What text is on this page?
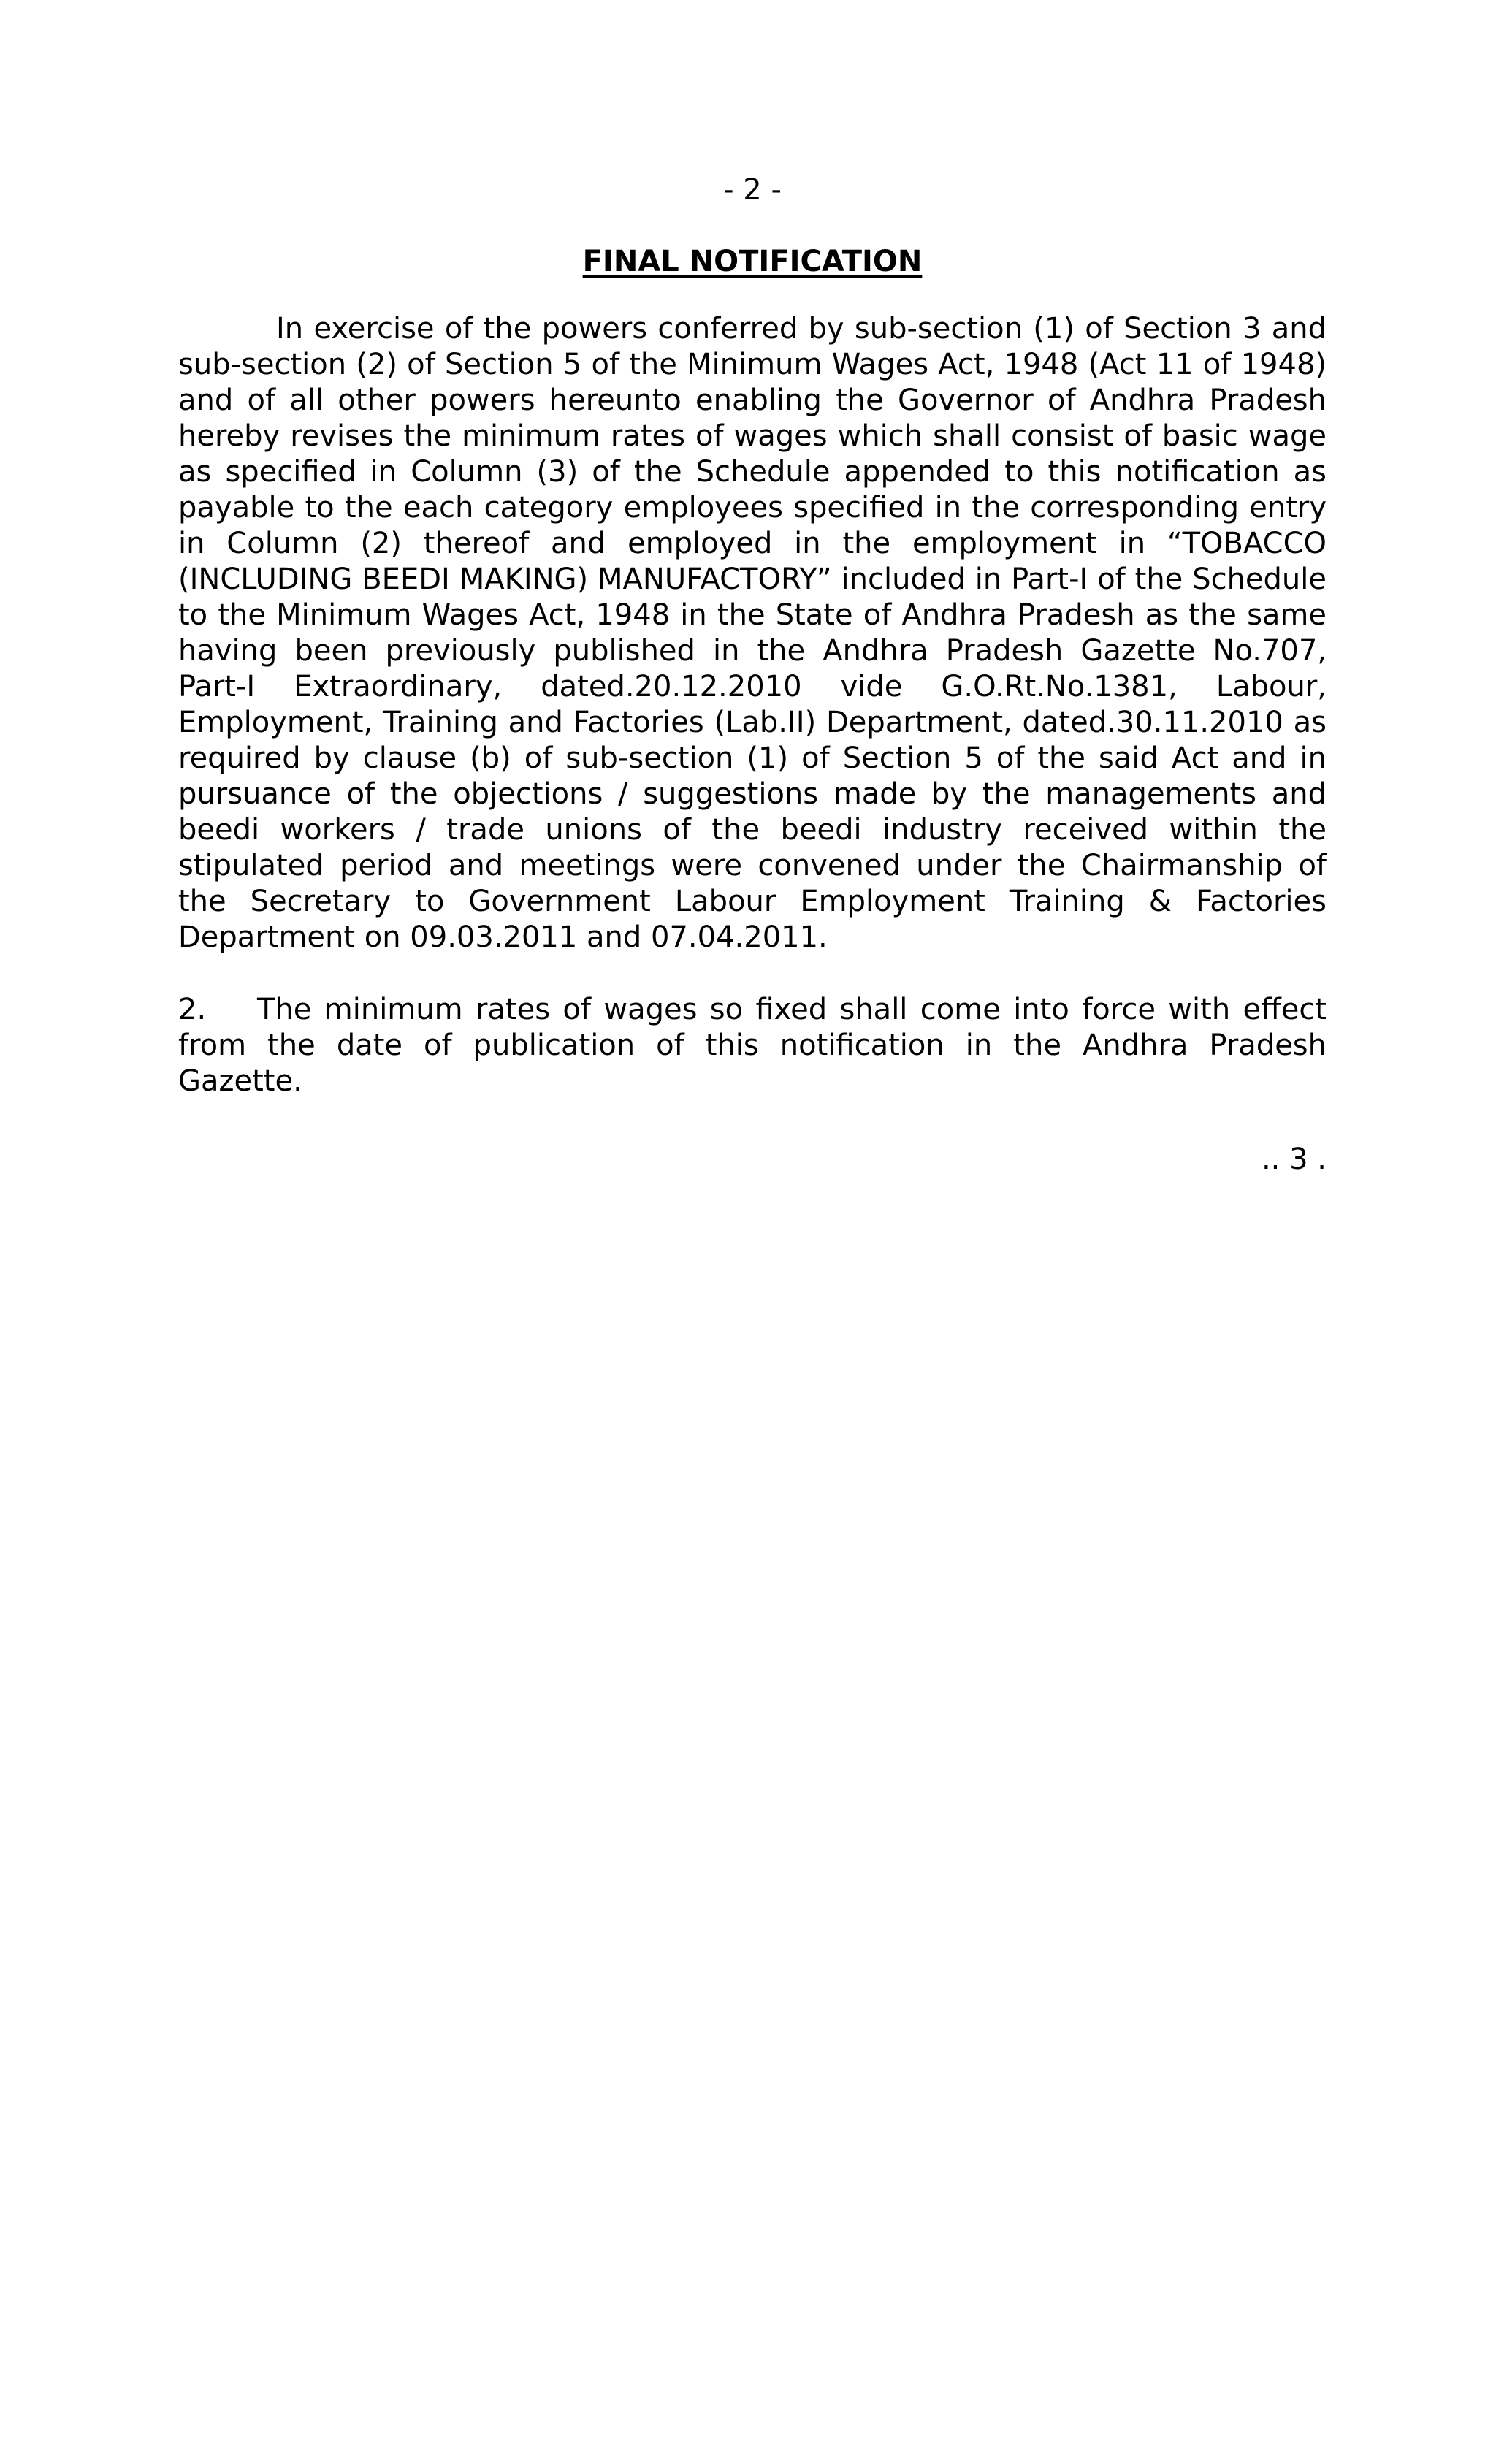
- 2 -
FINAL NOTIFICATION

In exercise of the powers conferred by sub-section (1) of Section 3 and sub-section (2) of Section 5 of the Minimum Wages Act, 1948 (Act 11 of 1948) and of all other powers hereunto enabling the Governor of Andhra Pradesh hereby revises the minimum rates of wages which shall consist of basic wage as specified in Column (3) of the Schedule appended to this notification as payable to the each category employees specified in the corresponding entry in Column (2) thereof and employed in the employment in “TOBACCO (INCLUDING BEEDI MAKING) MANUFACTORY” included in Part-I of the Schedule to the Minimum Wages Act, 1948 in the State of Andhra Pradesh as the same having been previously published in the Andhra Pradesh Gazette No.707, Part-I Extraordinary, dated.20.12.2010 vide G.O.Rt.No.1381, Labour, Employment, Training and Factories (Lab.II) Department, dated.30.11.2010 as required by clause (b) of sub-section (1) of Section 5 of the said Act and in pursuance of the objections / suggestions made by the managements and beedi workers / trade unions of the beedi industry received within the stipulated period and meetings were convened under the Chairmanship of the Secretary to Government Labour Employment Training & Factories Department on 09.03.2011 and 07.04.2011.

2. The minimum rates of wages so fixed shall come into force with effect from the date of publication of this notification in the Andhra Pradesh Gazette.

.. 3 .
